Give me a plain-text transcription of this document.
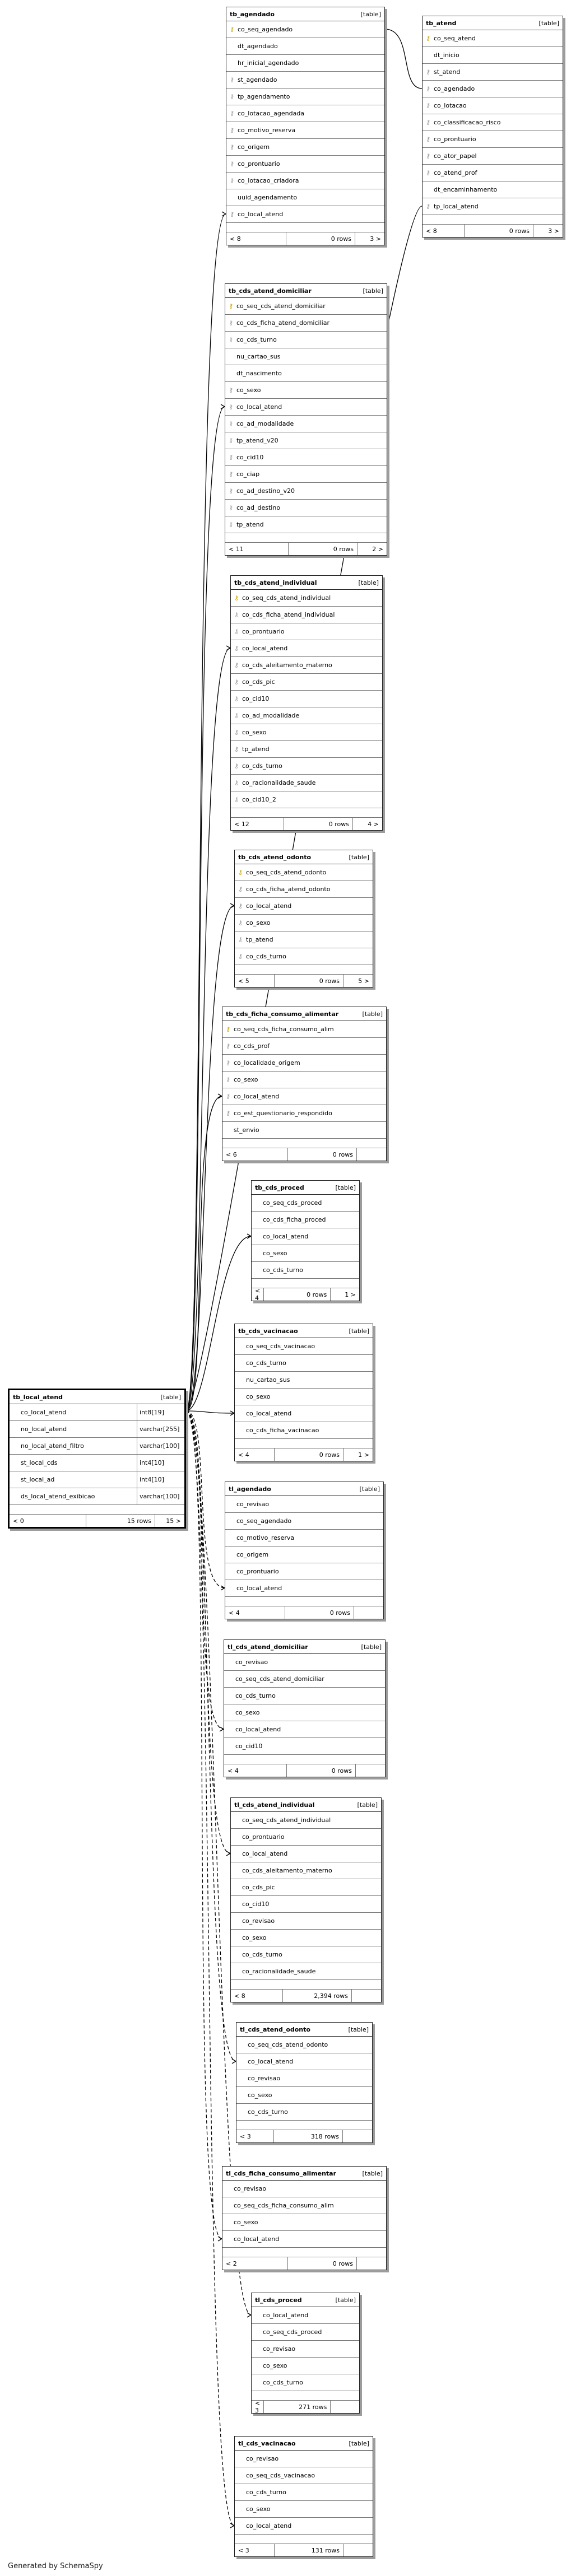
tb_agendado	[table]
⚷ co_seq_agendado
dt_agendado
hr_inicial_agendado
⚷ st_agendado
⚷ tp_agendamento
⚷ co_lotacao_agendada
⚷ co_motivo_reserva
⚷ co_origem
⚷ co_prontuario
⚷ co_lotacao_criadora
uuid_agendamento
⚷ co_local_atend
< 8	0 rows	3 >
tb_atend	[table]
⚷ co_seq_atend
dt_inicio
⚷ st_atend
⚷ co_agendado
⚷ co_lotacao
⚷ co_classificacao_risco
⚷ co_prontuario
⚷ co_ator_papel
⚷ co_atend_prof
dt_encaminhamento
⚷ tp_local_atend
< 8	0 rows	3 >
tb_cds_atend_domiciliar	[table]
⚷ co_seq_cds_atend_domiciliar
⚷ co_cds_ficha_atend_domiciliar
⚷ co_cds_turno
nu_cartao_sus
dt_nascimento
⚷ co_sexo
⚷ co_local_atend
⚷ co_ad_modalidade
⚷ tp_atend_v20
⚷ co_cid10
⚷ co_ciap
⚷ co_ad_destino_v20
⚷ co_ad_destino
⚷ tp_atend
< 11	0 rows	2 >
tb_cds_atend_individual	[table]
⚷ co_seq_cds_atend_individual
⚷ co_cds_ficha_atend_individual
⚷ co_prontuario
⚷ co_local_atend
⚷ co_cds_aleitamento_materno
⚷ co_cds_pic
⚷ co_cid10
⚷ co_ad_modalidade
⚷ co_sexo
⚷ tp_atend
⚷ co_cds_turno
⚷ co_racionalidade_saude
⚷ co_cid10_2
< 12	0 rows	4 >
tb_cds_atend_odonto	[table]
⚷ co_seq_cds_atend_odonto
⚷ co_cds_ficha_atend_odonto
⚷ co_local_atend
⚷ co_sexo
⚷ tp_atend
⚷ co_cds_turno
< 5	0 rows	5 >
tb_cds_ficha_consumo_alimentar	[table]
⚷ co_seq_cds_ficha_consumo_alim
⚷ co_cds_prof
⚷ co_localidade_origem
⚷ co_sexo
⚷ co_local_atend
⚷ co_est_questionario_respondido
st_envio
< 6	0 rows
tb_cds_proced	[table]
co_seq_cds_proced
co_cds_ficha_proced
co_local_atend
co_sexo
co_cds_turno
< 4	0 rows	1 >
tb_cds_vacinacao	[table]
co_seq_cds_vacinacao
co_cds_turno
nu_cartao_sus
co_sexo
co_local_atend
co_cds_ficha_vacinacao
< 4	0 rows	1 >
tb_local_atend	[table]
co_local_atend	int8[19]
no_local_atend	varchar[255]
no_local_atend_filtro	varchar[100]
st_local_cds	int4[10]
st_local_ad	int4[10]
ds_local_atend_exibicao	varchar[100]
< 0	15 rows	15 >
tl_agendado	[table]
co_revisao
co_seq_agendado
co_motivo_reserva
co_origem
co_prontuario
co_local_atend
< 4	0 rows
tl_cds_atend_domiciliar	[table]
co_revisao
co_seq_cds_atend_domiciliar
co_cds_turno
co_sexo
co_local_atend
co_cid10
< 4	0 rows
tl_cds_atend_individual	[table]
co_seq_cds_atend_individual
co_prontuario
co_local_atend
co_cds_aleitamento_materno
co_cds_pic
co_cid10
co_revisao
co_sexo
co_cds_turno
co_racionalidade_saude
< 8	2,394 rows
tl_cds_atend_odonto	[table]
co_seq_cds_atend_odonto
co_local_atend
co_revisao
co_sexo
co_cds_turno
< 3	318 rows
tl_cds_ficha_consumo_alimentar	[table]
co_revisao
co_seq_cds_ficha_consumo_alim
co_sexo
co_local_atend
< 2	0 rows
tl_cds_proced	[table]
co_local_atend
co_seq_cds_proced
co_revisao
co_sexo
co_cds_turno
< 3	271 rows
tl_cds_vacinacao	[table]
co_revisao
co_seq_cds_vacinacao
co_cds_turno
co_sexo
co_local_atend
< 3	131 rows
Generated by SchemaSpy
